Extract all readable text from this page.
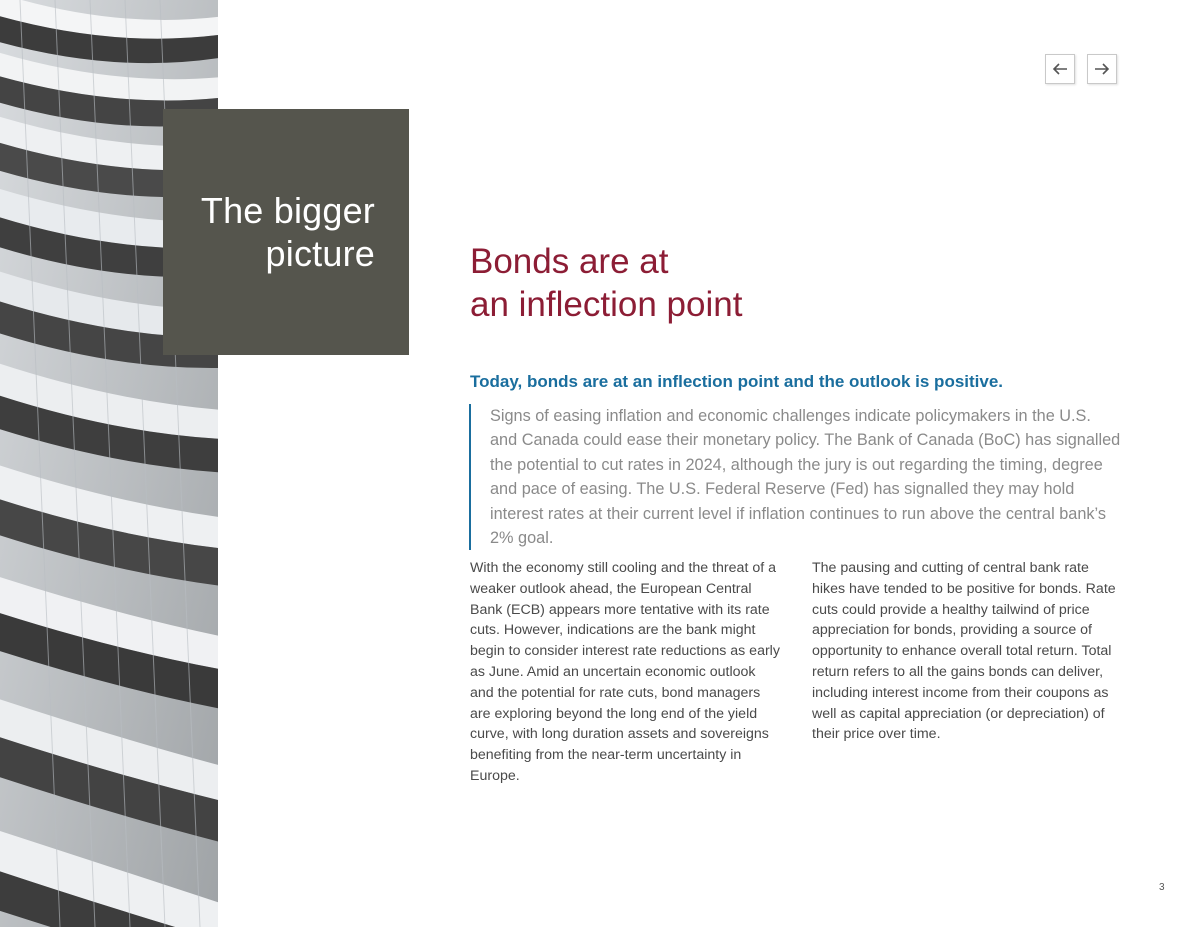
The bigger picture	Bonds are at
an inflection point
Today, bonds are at an inflection point and the outlook is positive.
Signs of easing inflation and economic challenges indicate policymakers in the U.S. and Canada could ease their monetary policy. The Bank of Canada (BoC) has signalled the potential to cut rates in 2024, although the jury is out regarding the timing, degree and pace of easing. The U.S. Federal Reserve (Fed) has signalled they may hold interest rates at their current level if inflation continues to run above the central bank’s 2% goal.
With the economy still cooling and the threat of a weaker outlook ahead, the European Central Bank (ECB) appears more tentative with its rate cuts. However, indications are the bank might begin to consider interest rate reductions as early as June. Amid an uncertain economic outlook and the potential for rate cuts, bond managers are exploring beyond the long end of the yield curve, with long duration assets and sovereigns benefiting from the near-term uncertainty in Europe.
The pausing and cutting of central bank rate hikes have tended to be positive for bonds. Rate cuts could provide a healthy tailwind of price appreciation for bonds, providing a source of opportunity to enhance overall total return. Total return refers to all the gains bonds can deliver, including interest income from their coupons as well as capital appreciation (or depreciation) of their price over time.
3
